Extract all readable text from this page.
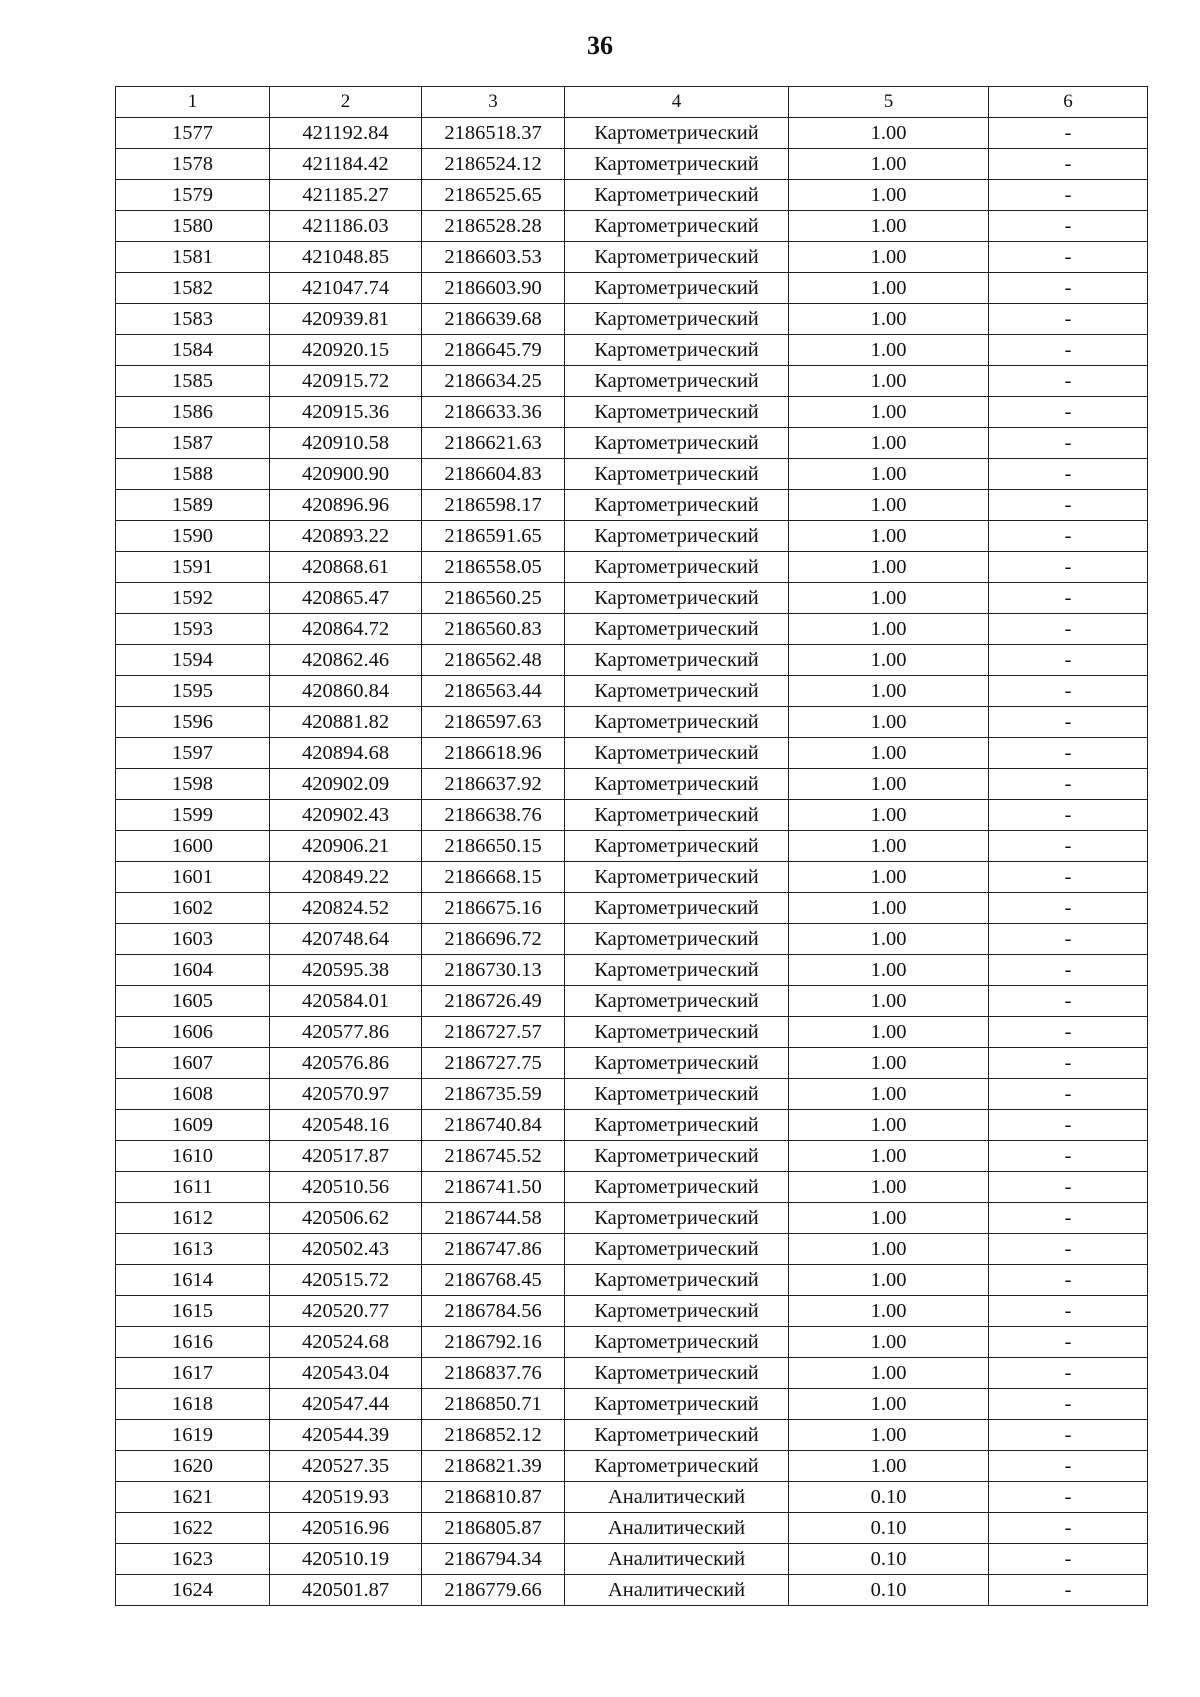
36
1	2	3	4	5	6
1577	421192.84	2186518.37	Картометрический	1.00	-
1578	421184.42	2186524.12	Картометрический	1.00	-
1579	421185.27	2186525.65	Картометрический	1.00	-
1580	421186.03	2186528.28	Картометрический	1.00	-
1581	421048.85	2186603.53	Картометрический	1.00	-
1582	421047.74	2186603.90	Картометрический	1.00	-
1583	420939.81	2186639.68	Картометрический	1.00	-
1584	420920.15	2186645.79	Картометрический	1.00	-
1585	420915.72	2186634.25	Картометрический	1.00	-
1586	420915.36	2186633.36	Картометрический	1.00	-
1587	420910.58	2186621.63	Картометрический	1.00	-
1588	420900.90	2186604.83	Картометрический	1.00	-
1589	420896.96	2186598.17	Картометрический	1.00	-
1590	420893.22	2186591.65	Картометрический	1.00	-
1591	420868.61	2186558.05	Картометрический	1.00	-
1592	420865.47	2186560.25	Картометрический	1.00	-
1593	420864.72	2186560.83	Картометрический	1.00	-
1594	420862.46	2186562.48	Картометрический	1.00	-
1595	420860.84	2186563.44	Картометрический	1.00	-
1596	420881.82	2186597.63	Картометрический	1.00	-
1597	420894.68	2186618.96	Картометрический	1.00	-
1598	420902.09	2186637.92	Картометрический	1.00	-
1599	420902.43	2186638.76	Картометрический	1.00	-
1600	420906.21	2186650.15	Картометрический	1.00	-
1601	420849.22	2186668.15	Картометрический	1.00	-
1602	420824.52	2186675.16	Картометрический	1.00	-
1603	420748.64	2186696.72	Картометрический	1.00	-
1604	420595.38	2186730.13	Картометрический	1.00	-
1605	420584.01	2186726.49	Картометрический	1.00	-
1606	420577.86	2186727.57	Картометрический	1.00	-
1607	420576.86	2186727.75	Картометрический	1.00	-
1608	420570.97	2186735.59	Картометрический	1.00	-
1609	420548.16	2186740.84	Картометрический	1.00	-
1610	420517.87	2186745.52	Картометрический	1.00	-
1611	420510.56	2186741.50	Картометрический	1.00	-
1612	420506.62	2186744.58	Картометрический	1.00	-
1613	420502.43	2186747.86	Картометрический	1.00	-
1614	420515.72	2186768.45	Картометрический	1.00	-
1615	420520.77	2186784.56	Картометрический	1.00	-
1616	420524.68	2186792.16	Картометрический	1.00	-
1617	420543.04	2186837.76	Картометрический	1.00	-
1618	420547.44	2186850.71	Картометрический	1.00	-
1619	420544.39	2186852.12	Картометрический	1.00	-
1620	420527.35	2186821.39	Картометрический	1.00	-
1621	420519.93	2186810.87	Аналитический	0.10	-
1622	420516.96	2186805.87	Аналитический	0.10	-
1623	420510.19	2186794.34	Аналитический	0.10	-
1624	420501.87	2186779.66	Аналитический	0.10	-
